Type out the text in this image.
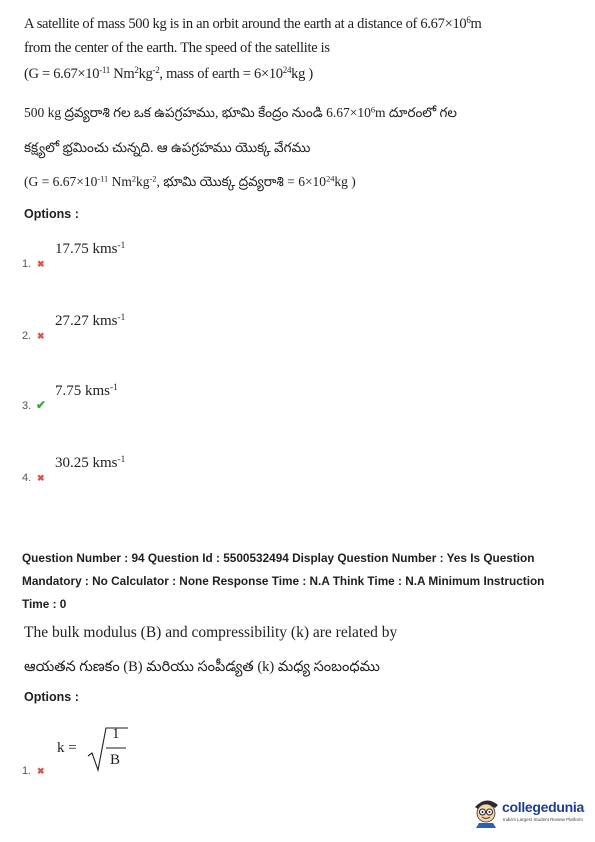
A satellite of mass 500 kg is in an orbit around the earth at a distance of $6.67\times 10^6m$
from the center of the earth. The speed of the satellite is
($G = 6.67\times 10^{-11}$ $Nm^2kg^{-2}$, mass of earth = $6\times 10^{24}kg$ )
500 kg ద్రవ్యరాశి గల ఒక ఉపగ్రహము, భూమి కేంద్రం నుండి $6.67\times 10^6m$ దూరంలో గల
కక్ష్యలో భ్రమించు చున్నది. ఆ ఉపగ్రహము యొక్క వేగము
($G = 6.67\times 10^{-11}$ $Nm^2kg^{-2}$, భూమి యొక్క ద్రవ్యరాశి = $6\times 10^{24}kg$ )
Options :
17.75 kms$^{-1}$
1. ✖
27.27 kms$^{-1}$
2. ✖
7.75 kms$^{-1}$
3. ✔
30.25 kms$^{-1}$
4. ✖
Question Number : 94 Question Id : 5500532494 Display Question Number : Yes Is Question
Mandatory : No Calculator : None Response Time : N.A Think Time : N.A Minimum Instruction
Time : 0
The bulk modulus (B) and compressibility (k) are related by
ఆయతన గుణకం (B) మరియు సంపీడ్యత (k) మధ్య సంబంధము
Options :
k =
1
B
1. ✖
collegedunia
India's Largest Student Review Platform
